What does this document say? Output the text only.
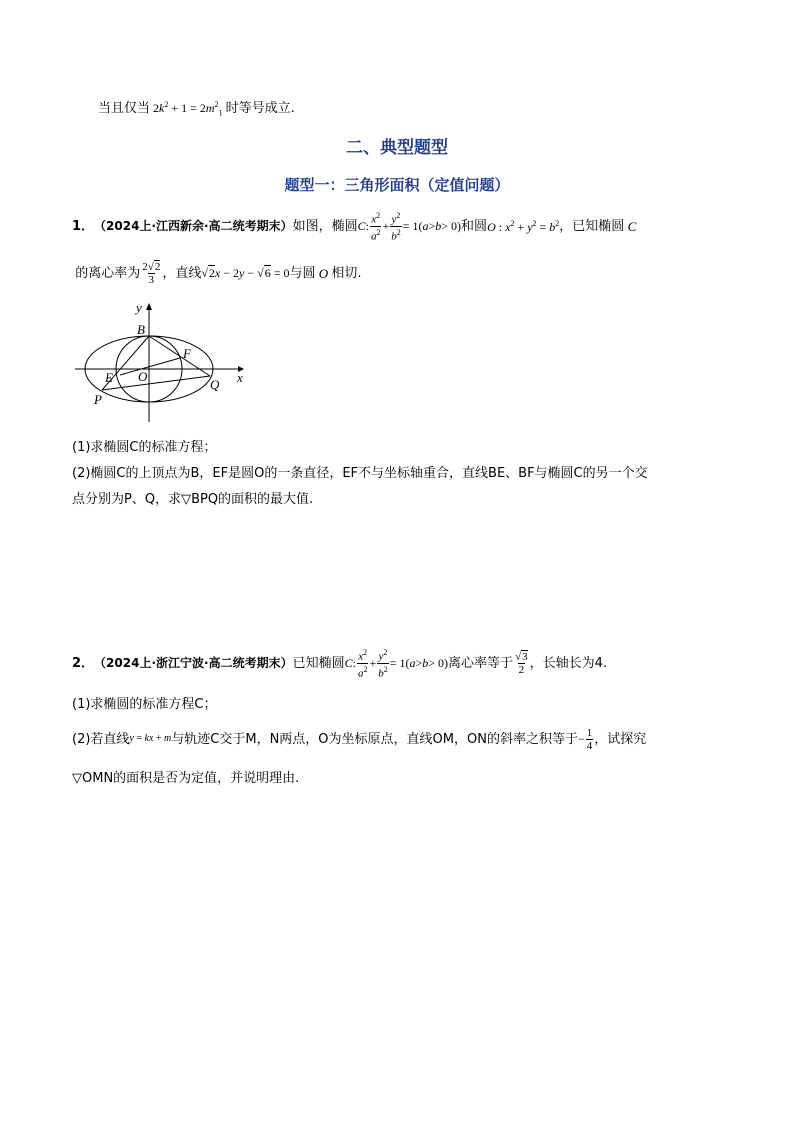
当且仅当 $2k^2 + 1 = 2m^2_1$ 时等号成立.
二、典型题型
题型一：三角形面积（定值问题）
1． （2024上·江西新余·高二统考期末） 如图，椭圆 C : $\frac{x^2}{a^2} + \frac{y^2}{b^2} = 1$( a > b > 0) 和圆 O : $x^2 + y^2 = b^2$ ，已知椭圆 C

的离心率为 $\frac{2√2}{3}$ ，直线 √2x − 2y − √6 = 0 与圆 O 相切.
y
x
B
F
E O
Q
P
(1)求椭圆C的标准方程；
(2)椭圆C的上顶点为B，EF是圆O的一条直径，EF不与坐标轴重合，直线BE、BF与椭圆C的另一个交
点分别为P、Q，求▽BPQ的面积的最大值.
2． （2024上·浙江宁波·高二统考期末） 已知椭圆 C : $\frac{x^2}{a^2} + \frac{y^2}{b^2} = 1$( a > b > 0) 离心率等于 $\frac{√3}{2}$ ，长轴长为4.
(1)求椭圆的标准方程C；
(2)若直线 y = kx + m 与轨迹C交于M，N两点，O为坐标原点，直线OM，ON的斜率之积等于 − $\frac{1}{4}$ ，试探究
▽OMN的面积是否为定值，并说明理由.
